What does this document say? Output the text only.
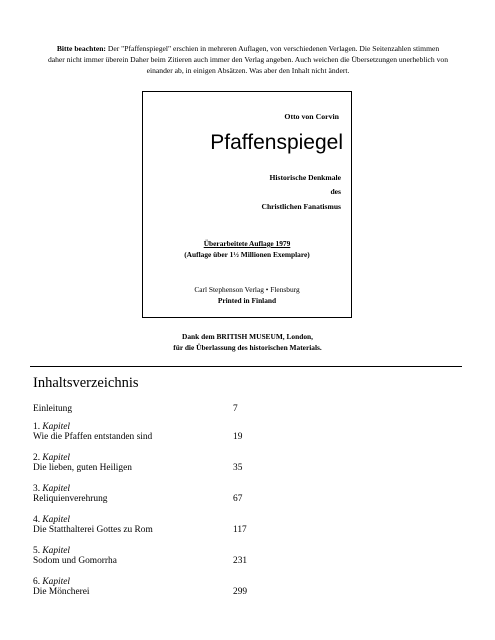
Bitte beachten: Der "Pfaffenspiegel" erschien in mehreren Auflagen, von verschiedenen Verlagen. Die Seitenzahlen stimmen
daher nicht immer überein Daher beim Zitieren auch immer den Verlag angeben. Auch weichen die Übersetzungen unerheblich von
einander ab, in einigen Absätzen. Was aber den Inhalt nicht ändert.
Otto von Corvin
Pfaffenspiegel
Historische Denkmale
des
Christlichen Fanatismus
Überarbeitete Auflage 1979
(Auflage über 1½ Millionen Exemplare)
Carl Stephenson Verlag • Flensburg
Printed in Finland
Dank dem BRITISH MUSEUM, London,
für die Überlassung des historischen Materials.
Inhaltsverzeichnis
Einleitung	7
1. Kapitel
Wie die Pfaffen entstanden sind	19
2. Kapitel
Die lieben, guten Heiligen	35
3. Kapitel
Reliquienverehrung	67
4. Kapitel
Die Statthalterei Gottes zu Rom	117
5. Kapitel
Sodom und Gomorrha	231
6. Kapitel
Die Möncherei	299
